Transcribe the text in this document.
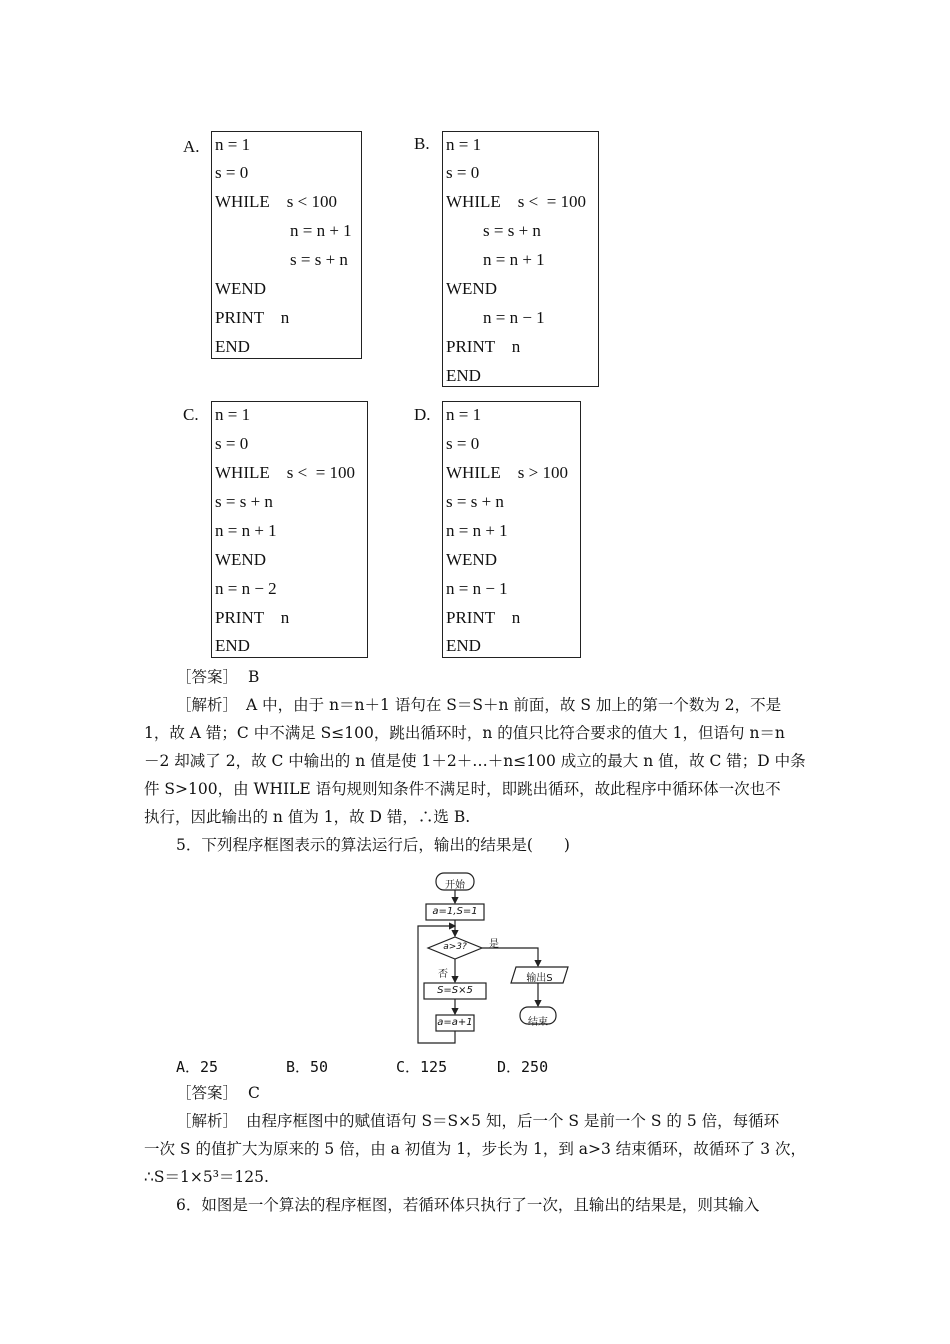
A. n = 1
s = 0
WHILE    s < 100
n = n + 1
s = s + n
WEND
PRINT    n
END
B. n = 1
s = 0
WHILE    s <  = 100
s = s + n
n = n + 1
WEND
n = n − 1
PRINT    n
END
C. n = 1
s = 0
WHILE    s <  = 100
s = s + n
n = n + 1
WEND
n = n − 2
PRINT    n
END
D. n = 1
s = 0
WHILE    s > 100
s = s + n
n = n + 1
WEND
n = n − 1
PRINT    n
END
［答案］ B
［解析］ A 中，由于 n＝n＋1 语句在 S＝S＋n 前面，故 S 加上的第一个数为 2，不是
1，故 A 错；C 中不满足 S≤100，跳出循环时，n 的值只比符合要求的值大 1，但语句 n＝n
－2 却减了 2，故 C 中输出的 n 值是使 1＋2＋…＋n≤100 成立的最大 n 值，故 C 错；D 中条
件 S>100，由 WHILE 语句规则知条件不满足时，即跳出循环，故此程序中循环体一次也不
执行，因此输出的 n 值为 1，故 D 错，∴选 B.
5．下列程序框图表示的算法运行后，输出的结果是(　　)
开始
a=1,S=1
a>3?	是
否
S=S×5
a=a+1
输出S
结束
A．25	B．50	C．125	D．250
［答案］ C
［解析］ 由程序框图中的赋值语句 S＝S×5 知，后一个 S 是前一个 S 的 5 倍，每循环
一次 S 的值扩大为原来的 5 倍，由 a 初值为 1，步长为 1，到 a>3 结束循环，故循环了 3 次，
∴S＝1×5³＝125.
6．如图是一个算法的程序框图，若循环体只执行了一次，且输出的结果是，则其输入
